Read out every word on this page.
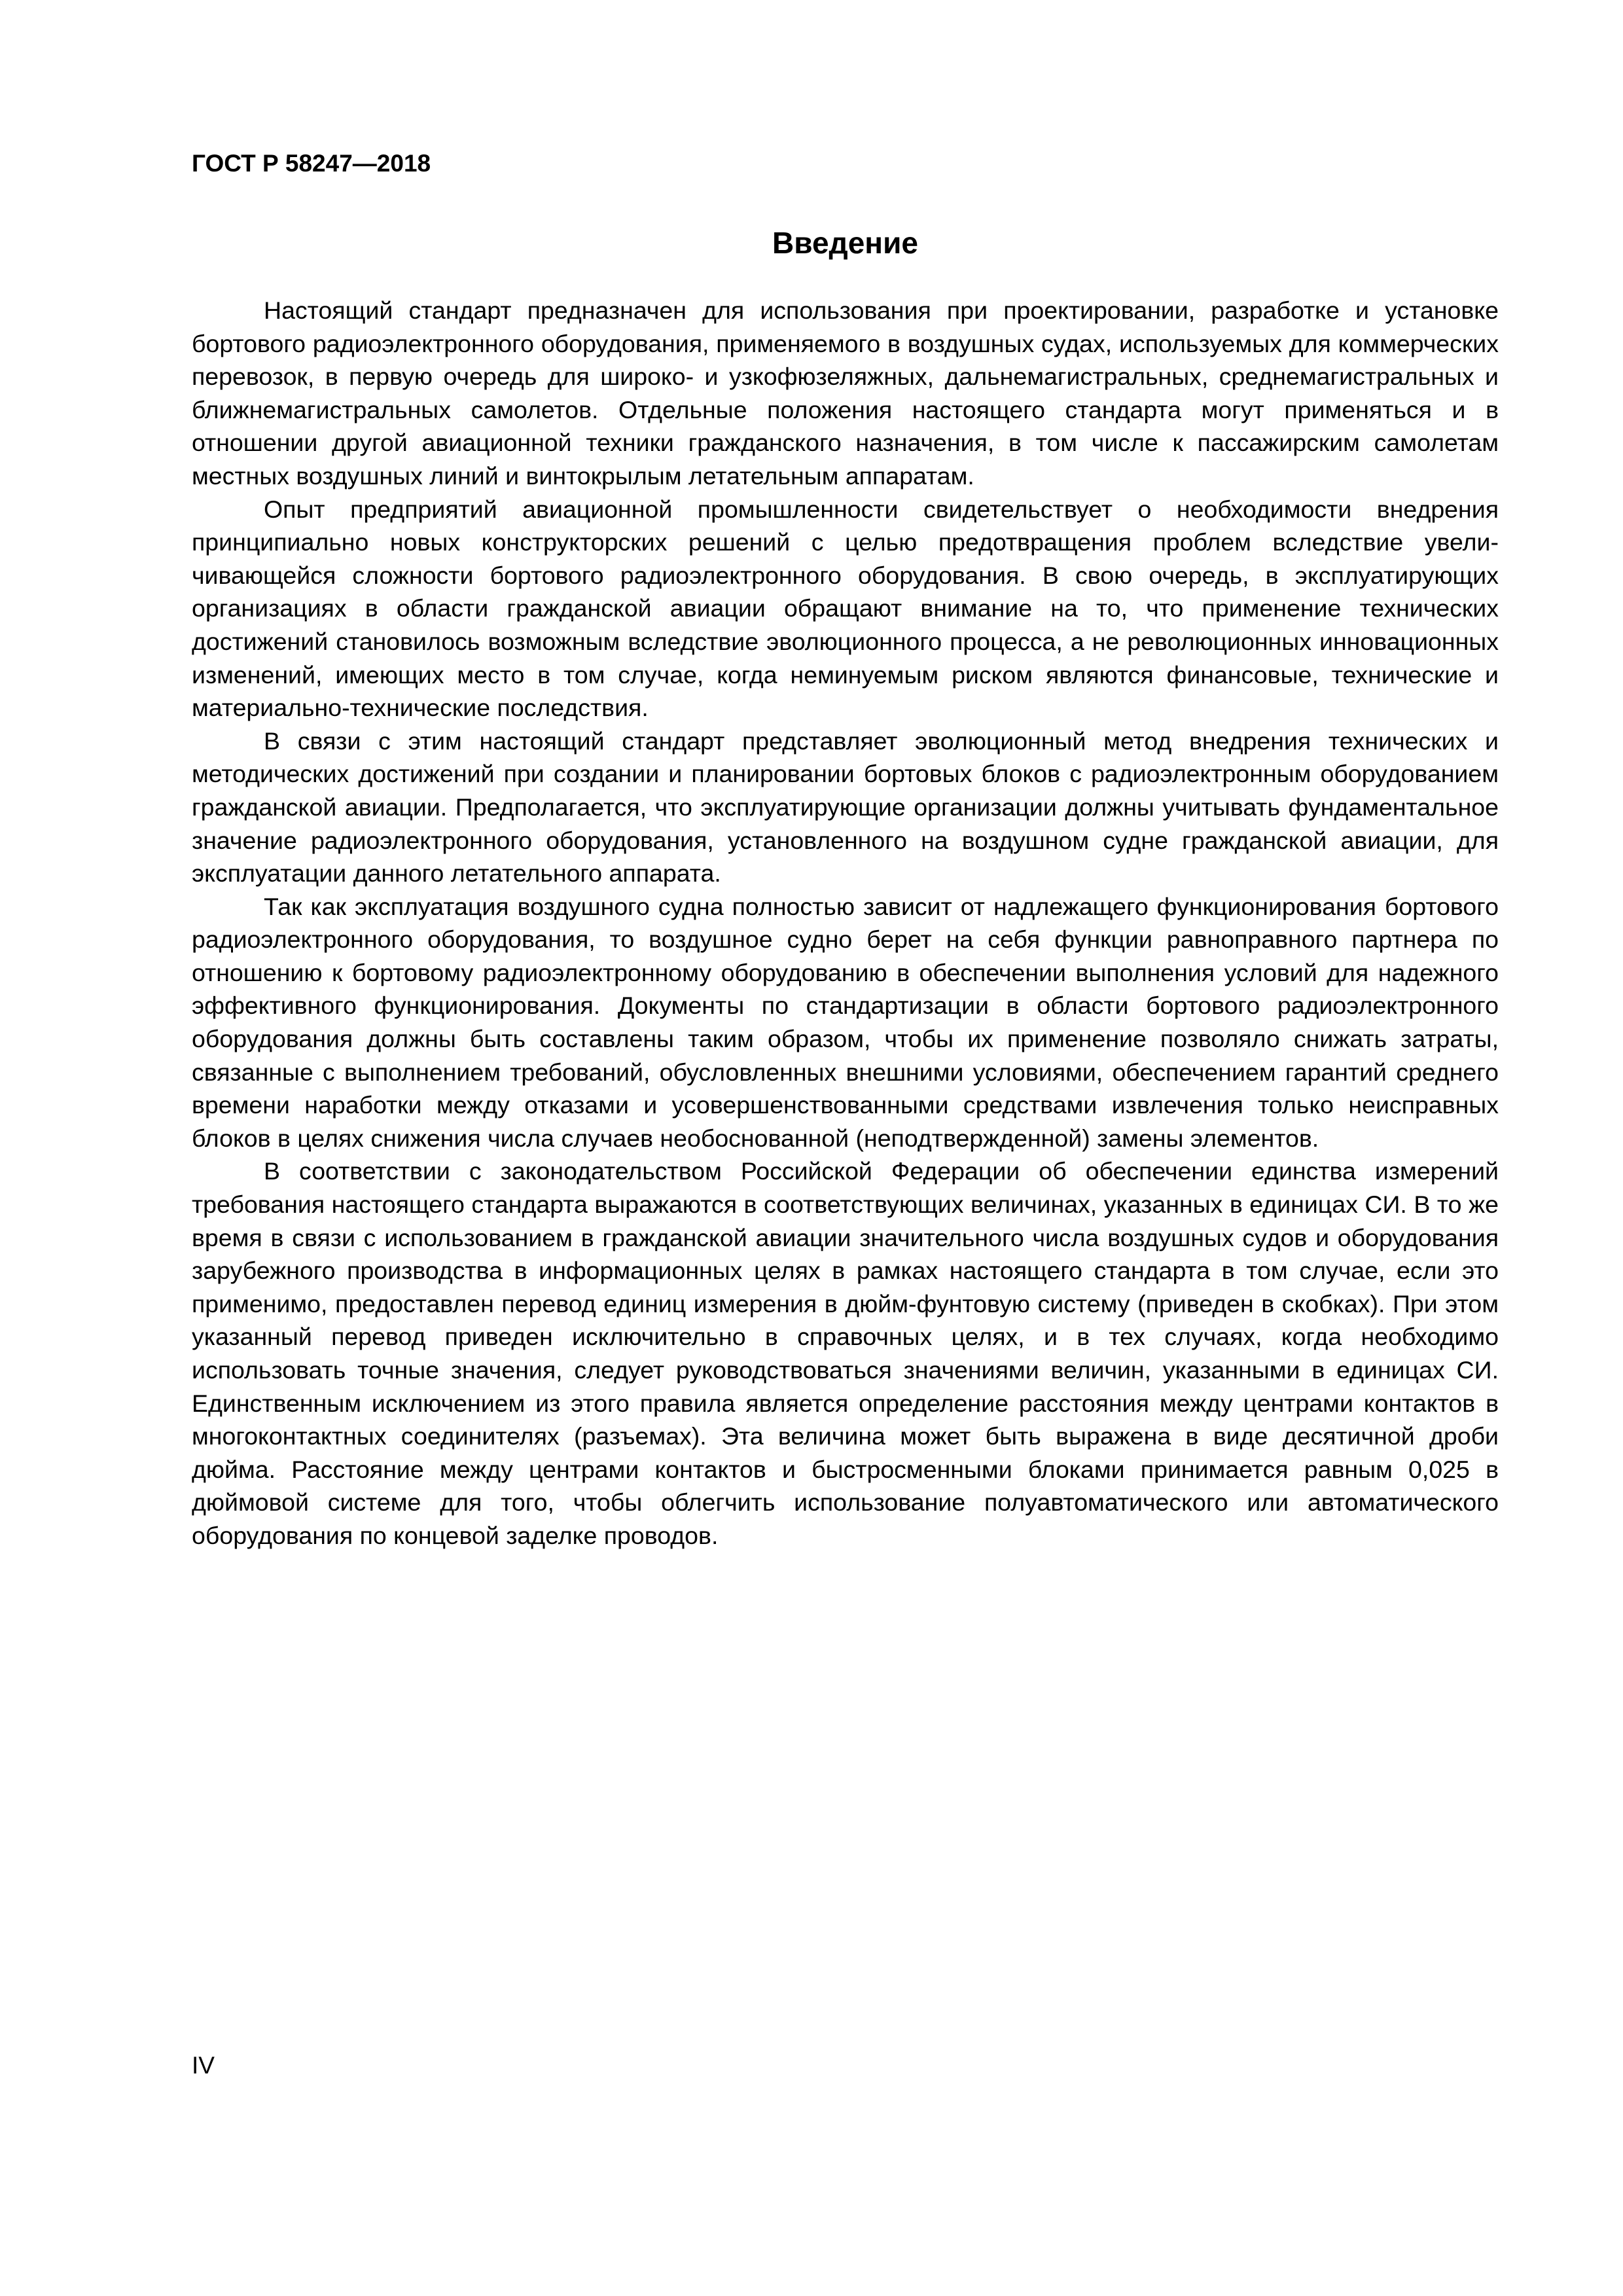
ГОСТ Р 58247—2018
Введение

Настоящий стандарт предназначен для использования при проектировании, разработке и установке бортового радиоэлектронного оборудования, применяемого в воздушных судах, используемых для коммерческих перевозок, в первую очередь для широко- и узкофюзеляжных, дальнемагистральных, среднемагистральных и ближнемагистральных самолетов. Отдельные положения настоящего стандарта могут применяться и в отношении другой авиационной техники гражданского назначения, в том числе к пассажирским самолетам местных воздушных линий и винтокрылым летательным аппаратам.

Опыт предприятий авиационной промышленности свидетельствует о необходимости внедрения принципиально новых конструкторских решений с целью предотвращения проблем вследствие увеличивающейся сложности бортового радиоэлектронного оборудования. В свою очередь, в эксплуатирующих организациях в области гражданской авиации обращают внимание на то, что применение технических достижений становилось возможным вследствие эволюционного процесса, а не революционных инновационных изменений, имеющих место в том случае, когда неминуемым риском являются финансовые, технические и материально-технические последствия.

В связи с этим настоящий стандарт представляет эволюционный метод внедрения технических и методических достижений при создании и планировании бортовых блоков с радиоэлектронным оборудованием гражданской авиации. Предполагается, что эксплуатирующие организации должны учитывать фундаментальное значение радиоэлектронного оборудования, установленного на воздушном судне гражданской авиации, для эксплуатации данного летательного аппарата.

Так как эксплуатация воздушного судна полностью зависит от надлежащего функционирования бортового радиоэлектронного оборудования, то воздушное судно берет на себя функции равноправного партнера по отношению к бортовому радиоэлектронному оборудованию в обеспечении выполнения условий для надежного эффективного функционирования. Документы по стандартизации в области бортового радиоэлектронного оборудования должны быть составлены таким образом, чтобы их применение позволяло снижать затраты, связанные с выполнением требований, обусловленных внешними условиями, обеспечением гарантий среднего времени наработки между отказами и усовершенствованными средствами извлечения только неисправных блоков в целях снижения числа случаев необоснованной (неподтвержденной) замены элементов.

В соответствии с законодательством Российской Федерации об обеспечении единства измерений требования настоящего стандарта выражаются в соответствующих величинах, указанных в единицах СИ. В то же время в связи с использованием в гражданской авиации значительного числа воздушных судов и оборудования зарубежного производства в информационных целях в рамках настоящего стандарта в том случае, если это применимо, предоставлен перевод единиц измерения в дюйм-фунтовую систему (приведен в скобках). При этом указанный перевод приведен исключительно в справочных целях, и в тех случаях, когда необходимо использовать точные значения, следует руководствоваться значениями величин, указанными в единицах СИ. Единственным исключением из этого правила является определение расстояния между центрами контактов в многоконтактных соединителях (разъемах). Эта величина может быть выражена в виде десятичной дроби дюйма. Расстояние между центрами контактов и быстросменными блоками принимается равным 0,025 в дюймовой системе для того, чтобы облегчить использование полуавтоматического или автоматического оборудования по концевой заделке проводов.

IV
